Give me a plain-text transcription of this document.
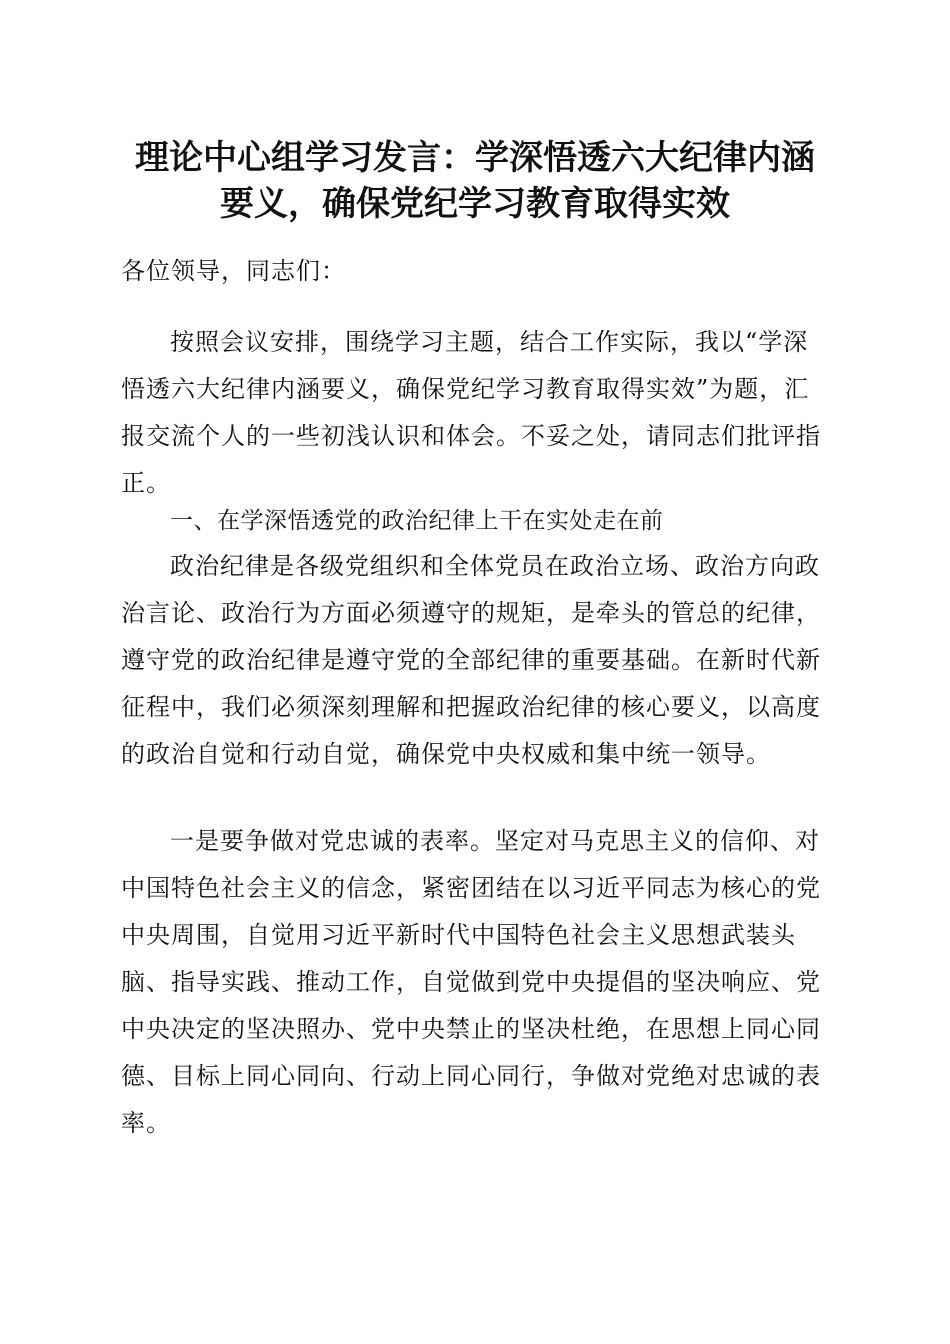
理论中心组学习发言：学深悟透六大纪律内涵
要义，确保党纪学习教育取得实效

各位领导，同志们：

按照会议安排，围绕学习主题，结合工作实际，我以“学深悟透六大纪律内涵要义，确保党纪学习教育取得实效”为题，汇报交流个人的一些初浅认识和体会。不妥之处，请同志们批评指正。

一、在学深悟透党的政治纪律上干在实处走在前

政治纪律是各级党组织和全体党员在政治立场、政治方向政治言论、政治行为方面必须遵守的规矩，是牵头的管总的纪律，遵守党的政治纪律是遵守党的全部纪律的重要基础。在新时代新征程中，我们必须深刻理解和把握政治纪律的核心要义，以高度的政治自觉和行动自觉，确保党中央权威和集中统一领导。

一是要争做对党忠诚的表率。坚定对马克思主义的信仰、对中国特色社会主义的信念，紧密团结在以习近平同志为核心的党中央周围，自觉用习近平新时代中国特色社会主义思想武装头脑、指导实践、推动工作，自觉做到党中央提倡的坚决响应、党中央决定的坚决照办、党中央禁止的坚决杜绝，在思想上同心同德、目标上同心同向、行动上同心同行，争做对党绝对忠诚的表率。
